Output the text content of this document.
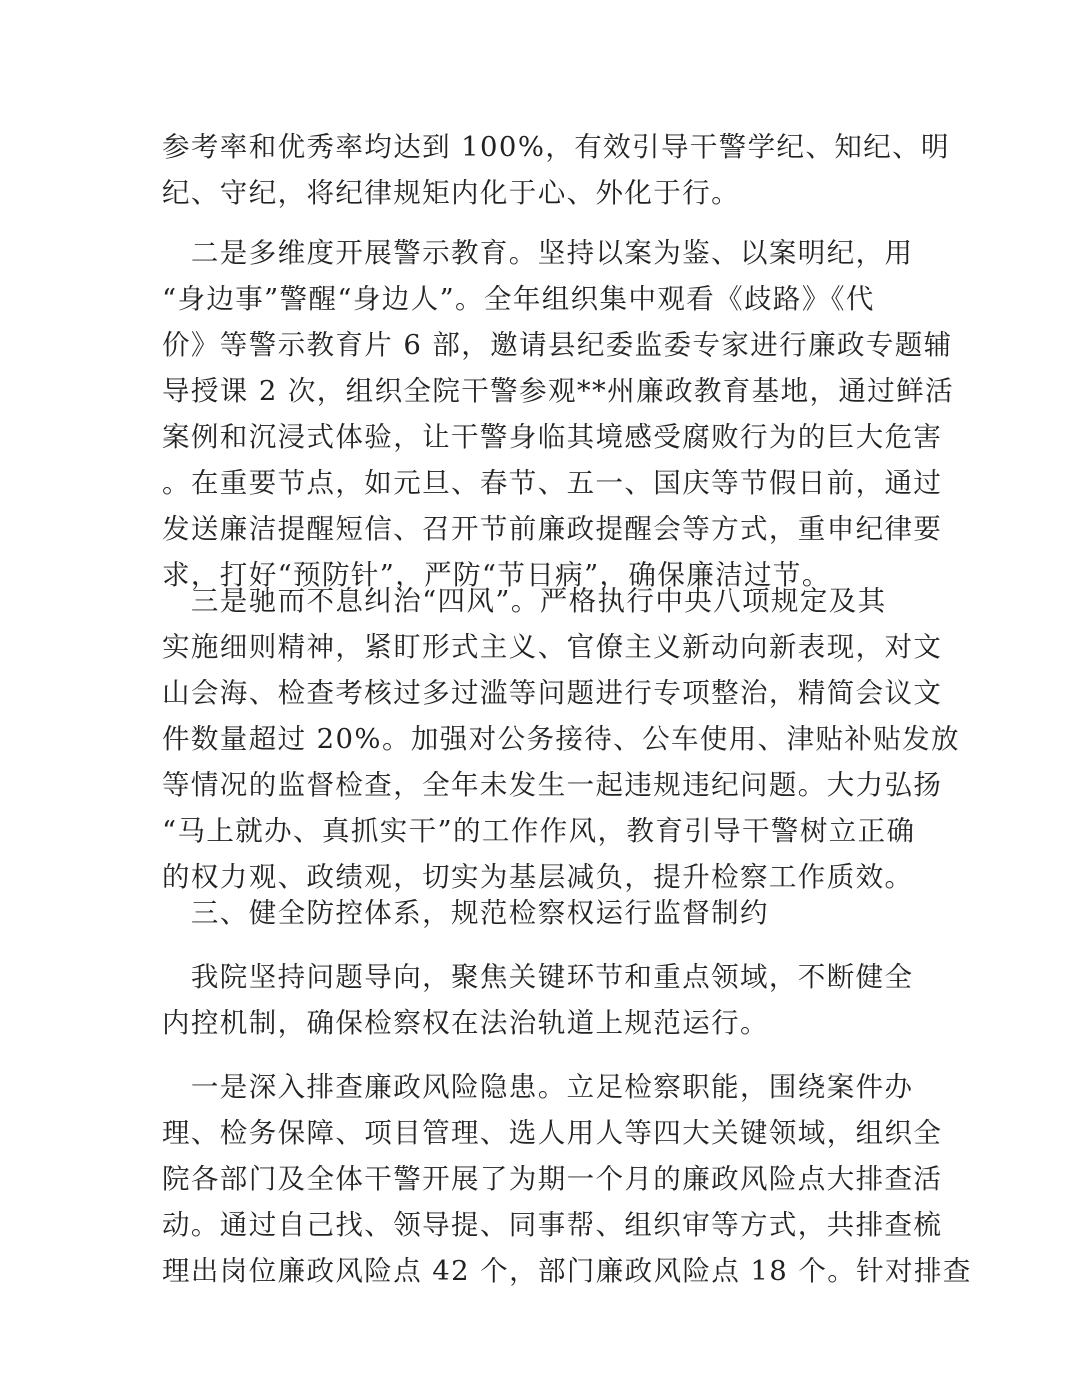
参考率和优秀率均达到 100%，有效引导干警学纪、知纪、明
纪、守纪，将纪律规矩内化于心、外化于行。

　二是多维度开展警示教育。坚持以案为鉴、以案明纪，用
“身边事”警醒“身边人”。全年组织集中观看《歧路》《代
价》等警示教育片 6 部，邀请县纪委监委专家进行廉政专题辅
导授课 2 次，组织全院干警参观**州廉政教育基地，通过鲜活
案例和沉浸式体验，让干警身临其境感受腐败行为的巨大危害
。在重要节点，如元旦、春节、五一、国庆等节假日前，通过
发送廉洁提醒短信、召开节前廉政提醒会等方式，重申纪律要
求，打好“预防针”，严防“节日病”，确保廉洁过节。

　三是驰而不息纠治“四风”。严格执行中央八项规定及其
实施细则精神，紧盯形式主义、官僚主义新动向新表现，对文
山会海、检查考核过多过滥等问题进行专项整治，精简会议文
件数量超过 20%。加强对公务接待、公车使用、津贴补贴发放
等情况的监督检查，全年未发生一起违规违纪问题。大力弘扬
“马上就办、真抓实干”的工作作风，教育引导干警树立正确
的权力观、政绩观，切实为基层减负，提升检察工作质效。

　三、健全防控体系，规范检察权运行监督制约

　我院坚持问题导向，聚焦关键环节和重点领域，不断健全
内控机制，确保检察权在法治轨道上规范运行。

　一是深入排查廉政风险隐患。立足检察职能，围绕案件办
理、检务保障、项目管理、选人用人等四大关键领域，组织全
院各部门及全体干警开展了为期一个月的廉政风险点大排查活
动。通过自己找、领导提、同事帮、组织审等方式，共排查梳
理出岗位廉政风险点 42 个，部门廉政风险点 18 个。针对排查
